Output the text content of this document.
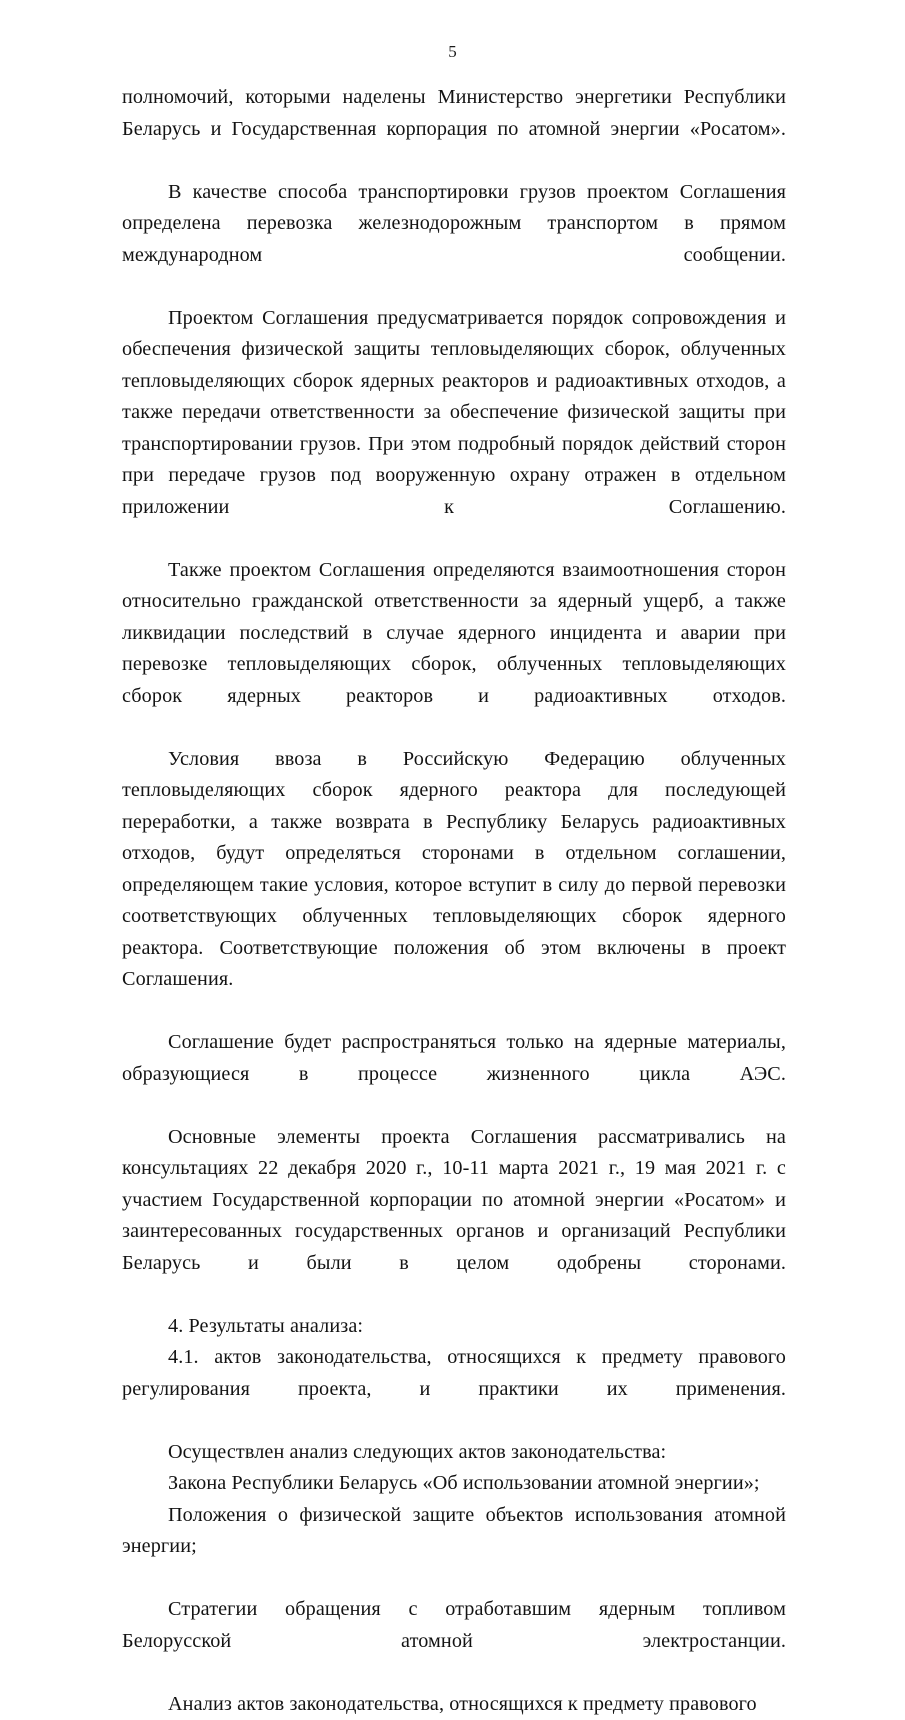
5

полномочий, которыми наделены Министерство энергетики Республики Беларусь и Государственная корпорация по атомной энергии «Росатом».

В качестве способа транспортировки грузов проектом Соглашения определена перевозка железнодорожным транспортом в прямом международном сообщении.

Проектом Соглашения предусматривается порядок сопровождения и обеспечения физической защиты тепловыделяющих сборок, облученных тепловыделяющих сборок ядерных реакторов и радиоактивных отходов, а также передачи ответственности за обеспечение физической защиты при транспортировании грузов. При этом подробный порядок действий сторон при передаче грузов под вооруженную охрану отражен в отдельном приложении к Соглашению.

Также проектом Соглашения определяются взаимоотношения сторон относительно гражданской ответственности за ядерный ущерб, а также ликвидации последствий в случае ядерного инцидента и аварии при перевозке тепловыделяющих сборок, облученных тепловыделяющих сборок ядерных реакторов и радиоактивных отходов.

Условия ввоза в Российскую Федерацию облученных тепловыделяющих сборок ядерного реактора для последующей переработки, а также возврата в Республику Беларусь радиоактивных отходов, будут определяться сторонами в отдельном соглашении, определяющем такие условия, которое вступит в силу до первой перевозки соответствующих облученных тепловыделяющих сборок ядерного реактора. Соответствующие положения об этом включены в проект Соглашения.

Соглашение будет распространяться только на ядерные материалы, образующиеся в процессе жизненного цикла АЭС.

Основные элементы проекта Соглашения рассматривались на консультациях 22 декабря 2020 г., 10-11 марта 2021 г., 19 мая 2021 г. с участием Государственной корпорации по атомной энергии «Росатом» и заинтересованных государственных органов и организаций Республики Беларусь и были в целом одобрены сторонами.

4. Результаты анализа:

4.1. актов законодательства, относящихся к предмету правового регулирования проекта, и практики их применения.

Осуществлен анализ следующих актов законодательства:

Закона Республики Беларусь «Об использовании атомной энергии»;

Положения о физической защите объектов использования атомной энергии;

Стратегии обращения с отработавшим ядерным топливом Белорусской атомной электростанции.

Анализ актов законодательства, относящихся к предмету правового
